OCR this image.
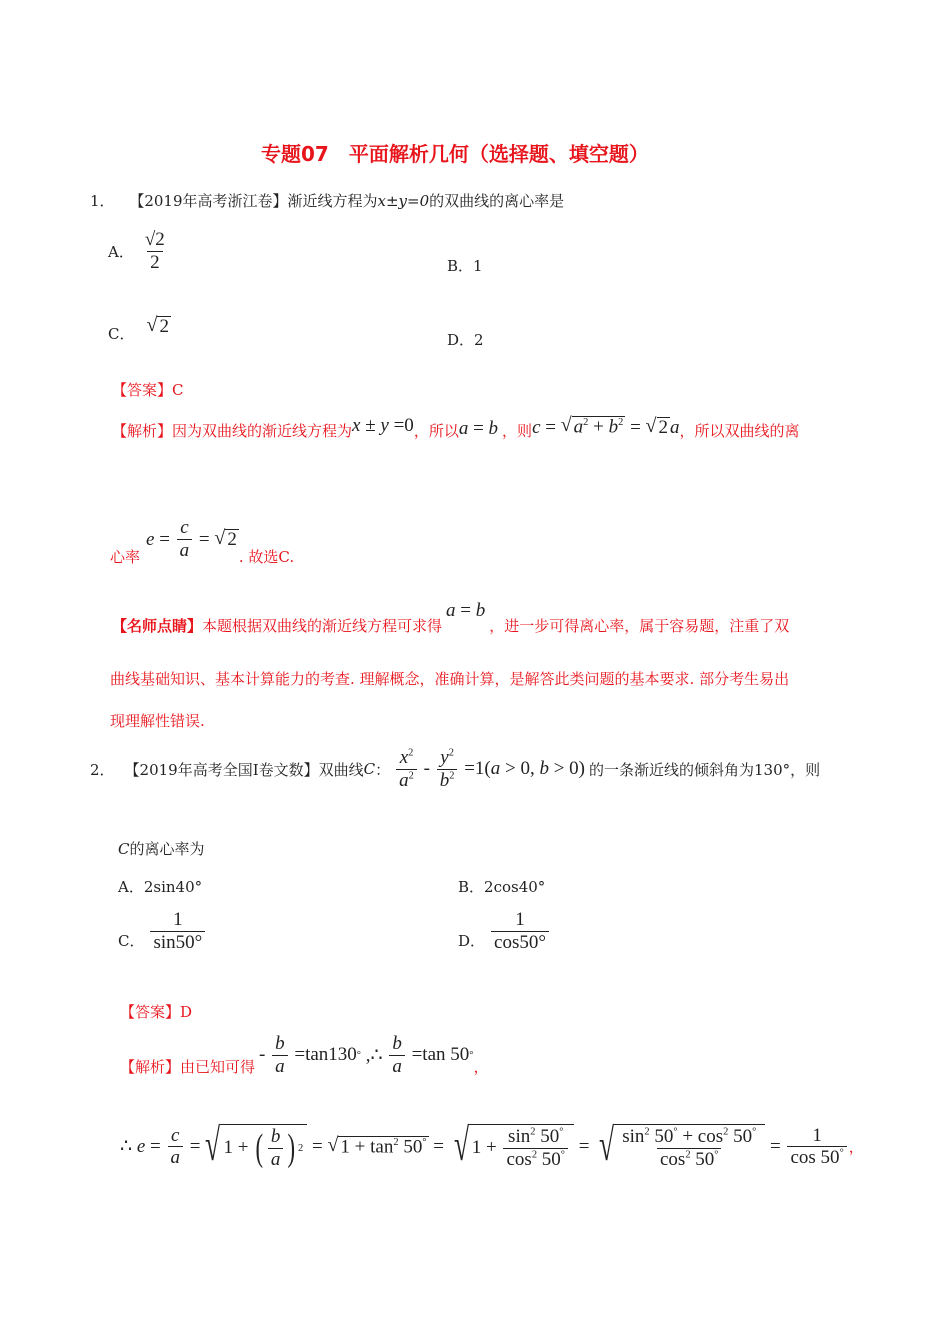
专题07　平面解析几何（选择题、填空题）
1． 【2019年高考浙江卷】渐近线方程为x±y=0的双曲线的离心率是
A． $\frac{√2}{2}$	B．1
C． √ 2
D．2
【答案】C
【解析】 因为双曲线的渐近线方程为 x ± y =0 ，所以 a = b ，则 c = √ $a^2 + b^2$ = √ 2 a ，所以双曲线的离
心率
$e = \frac{c}{a}$ = √ 2
. 故选C.
【名师点睛】 本题根据双曲线的渐近线方程可求得
a = b
，进一步可得离心率，属于容易题，注重了双
曲线基础知识、基本计算能力的考查. 理解概念，准确计算，是解答此类问题的基本要求. 部分考生易出
现理解性错误.
2． 【2019年高考全国Ⅰ卷文数】 双曲线 C ： $\frac{x^2}{a^2} - \frac{y^2}{b^2} =1$( a > 0, b > 0) 的一条渐近线的倾斜角为130°，则
C的离心率为
A．2sin40°	B．2cos40°
C． $\frac{1}{\sin 50^\circ}$	D． $\frac{1}{\cos 50^\circ}$
【答案】D
【解析】 由已知可得
- $\frac{b}{a} =\tan 130$ ° ,∴ $\frac{b}{a} =\tan$ 50 °
，
∴ $e = \frac{c}{a}$ = √ 1 + ( $\frac{b}{a}$ ) 2 = √ $1 + \tan^2 50^\circ$ = √ $1 + \frac{\sin^2 50^\circ}{\cos^2 50^\circ}$ = √ $\frac{\sin^2 50^\circ + \cos^2 50^\circ}{\cos^2 50^\circ} = \frac{1}{\cos 50^\circ}$ ，
